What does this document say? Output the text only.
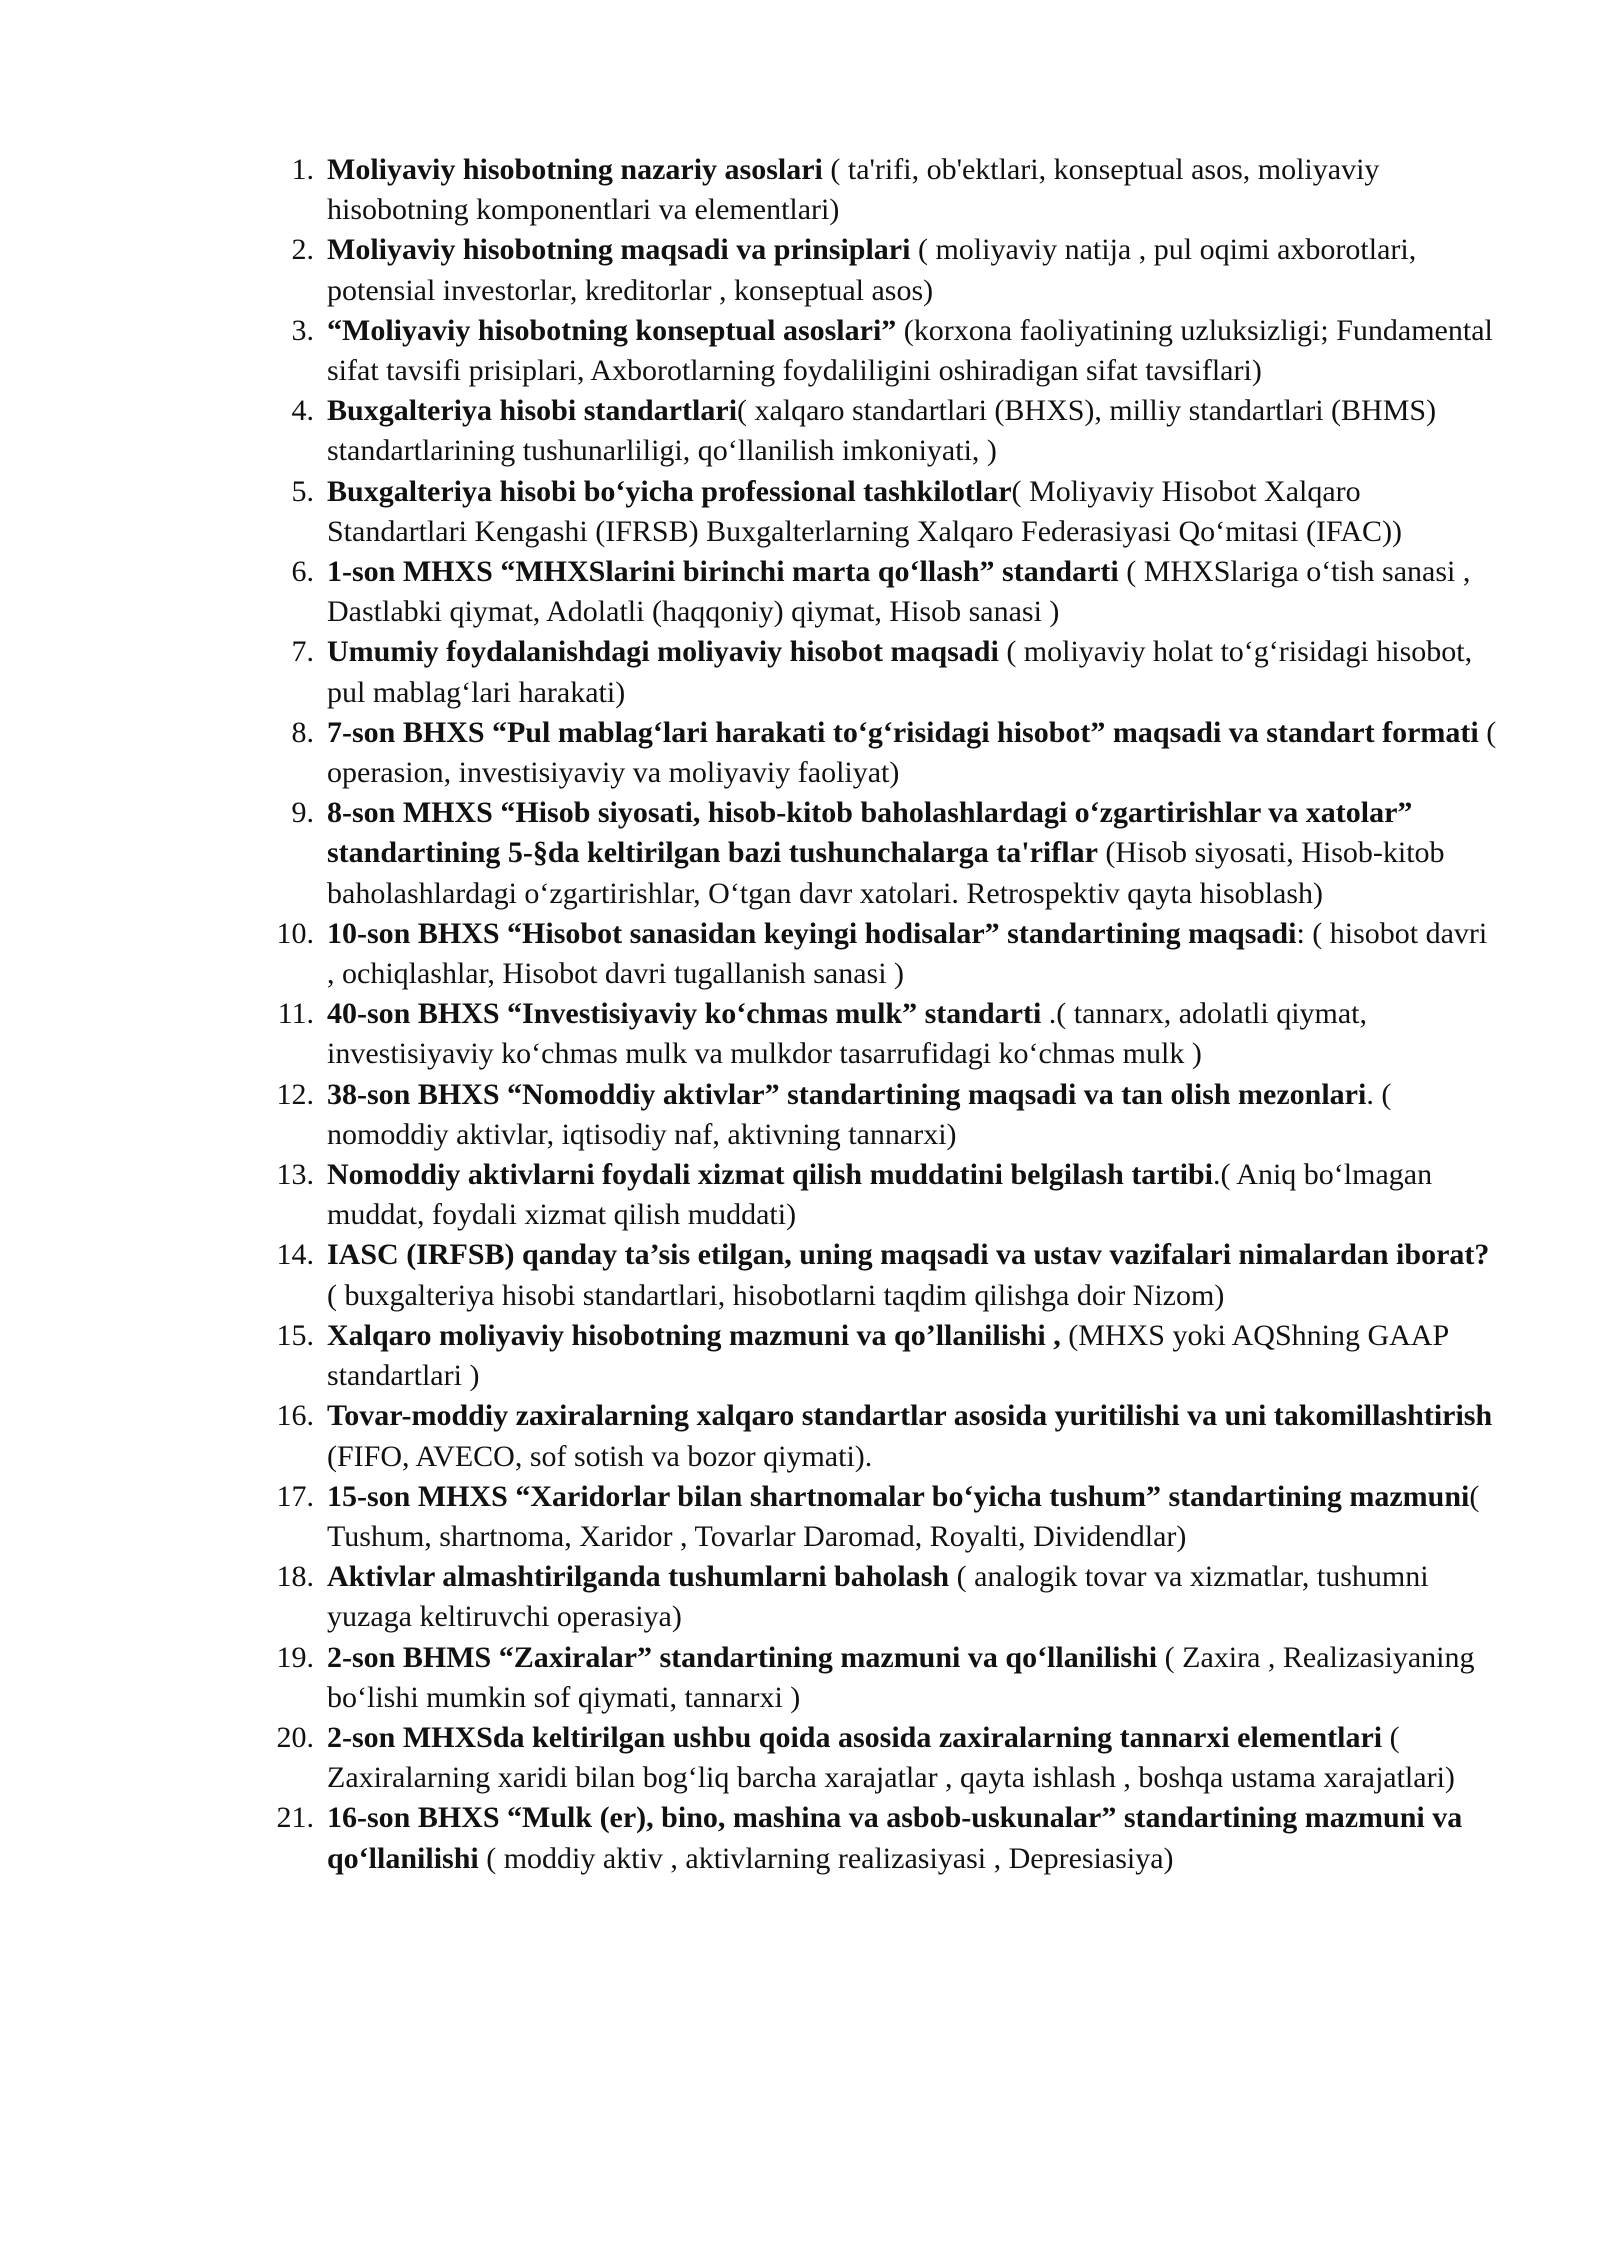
1. Moliyaviy hisobotning nazariy asoslari ( ta'rifi, ob'ektlari, konseptual asos, moliyaviy hisobotning komponentlari va elementlari)
2. Moliyaviy hisobotning maqsadi va prinsiplari ( moliyaviy natija , pul oqimi axborotlari, potensial investorlar, kreditorlar , konseptual asos)
3. “Moliyaviy hisobotning konseptual asoslari” (korxona faoliyatining uzluksizligi; Fundamental sifat tavsifi prisiplari, Axborotlarning foydaliligini oshiradigan sifat tavsiflari)
4. Buxgalteriya hisobi standartlari( xalqaro standartlari (BHXS), milliy standartlari (BHMS) standartlarining tushunarliligi, qo‘llanilish imkoniyati, )
5. Buxgalteriya hisobi bo‘yicha professional tashkilotlar( Moliyaviy Hisobot Xalqaro Standartlari Kengashi (IFRSB) Buxgalterlarning Xalqaro Federasiyasi Qo‘mitasi (IFAC))
6. 1-son MHXS “MHXSlarini birinchi marta qo‘llash” standarti ( MHXSlariga o‘tish sanasi , Dastlabki qiymat, Adolatli (haqqoniy) qiymat, Hisob sanasi )
7. Umumiy foydalanishdagi moliyaviy hisobot maqsadi ( moliyaviy holat to‘g‘risidagi hisobot, pul mablag‘lari harakati)
8. 7-son BHXS “Pul mablag‘lari harakati to‘g‘risidagi hisobot” maqsadi va standart formati ( operasion, investisiyaviy va moliyaviy faoliyat)
9. 8-son MHXS “Hisob siyosati, hisob-kitob baholashlardagi o‘zgartirishlar va xatolar” standartining 5-§da keltirilgan bazi tushunchalarga ta'riflar (Hisob siyosati, Hisob-kitob baholashlardagi o‘zgartirishlar, O‘tgan davr xatolari. Retrospektiv qayta hisoblash)
10. 10-son BHXS “Hisobot sanasidan keyingi hodisalar” standartining maqsadi: ( hisobot davri , ochiqlashlar, Hisobot davri tugallanish sanasi )
11. 40-son BHXS “Investisiyaviy ko‘chmas mulk” standarti .( tannarx, adolatli qiymat, investisiyaviy ko‘chmas mulk va mulkdor tasarrufidagi ko‘chmas mulk )
12. 38-son BHXS “Nomoddiy aktivlar” standartining maqsadi va tan olish mezonlari. ( nomoddiy aktivlar, iqtisodiy naf, aktivning tannarxi)
13. Nomoddiy aktivlarni foydali xizmat qilish muddatini belgilash tartibi.( Aniq bo‘lmagan muddat, foydali xizmat qilish muddati)
14. IASC (IRFSB) qanday ta’sis etilgan, uning maqsadi va ustav vazifalari nimalardan iborat? ( buxgalteriya hisobi standartlari, hisobotlarni taqdim qilishga doir Nizom)
15. Xalqaro moliyaviy hisobotning mazmuni va qo’llanilishi , (MHXS yoki AQShning GAAP standartlari )
16. Tovar-moddiy zaxiralarning xalqaro standartlar asosida yuritilishi va uni takomillashtirish (FIFO, AVECO, sof sotish va bozor qiymati).
17. 15-son MHXS “Xaridorlar bilan shartnomalar bo‘yicha tushum” standartining mazmuni( Tushum, shartnoma, Xaridor , Tovarlar Daromad, Royalti, Dividendlar)
18. Aktivlar almashtirilganda tushumlarni baholash ( analogik tovar va xizmatlar, tushumni yuzaga keltiruvchi operasiya)
19. 2-son BHMS “Zaxiralar” standartining mazmuni va qo‘llanilishi ( Zaxira , Realizasiyaning bo‘lishi mumkin sof qiymati, tannarxi )
20. 2-son MHXSda keltirilgan ushbu qoida asosida zaxiralarning tannarxi elementlari ( Zaxiralarning xaridi bilan bog‘liq barcha xarajatlar , qayta ishlash , boshqa ustama xarajatlari)
21. 16-son BHXS “Mulk (er), bino, mashina va asbob-uskunalar” standartining mazmuni va qo‘llanilishi ( moddiy aktiv , aktivlarning realizasiyasi , Depresiasiya)
